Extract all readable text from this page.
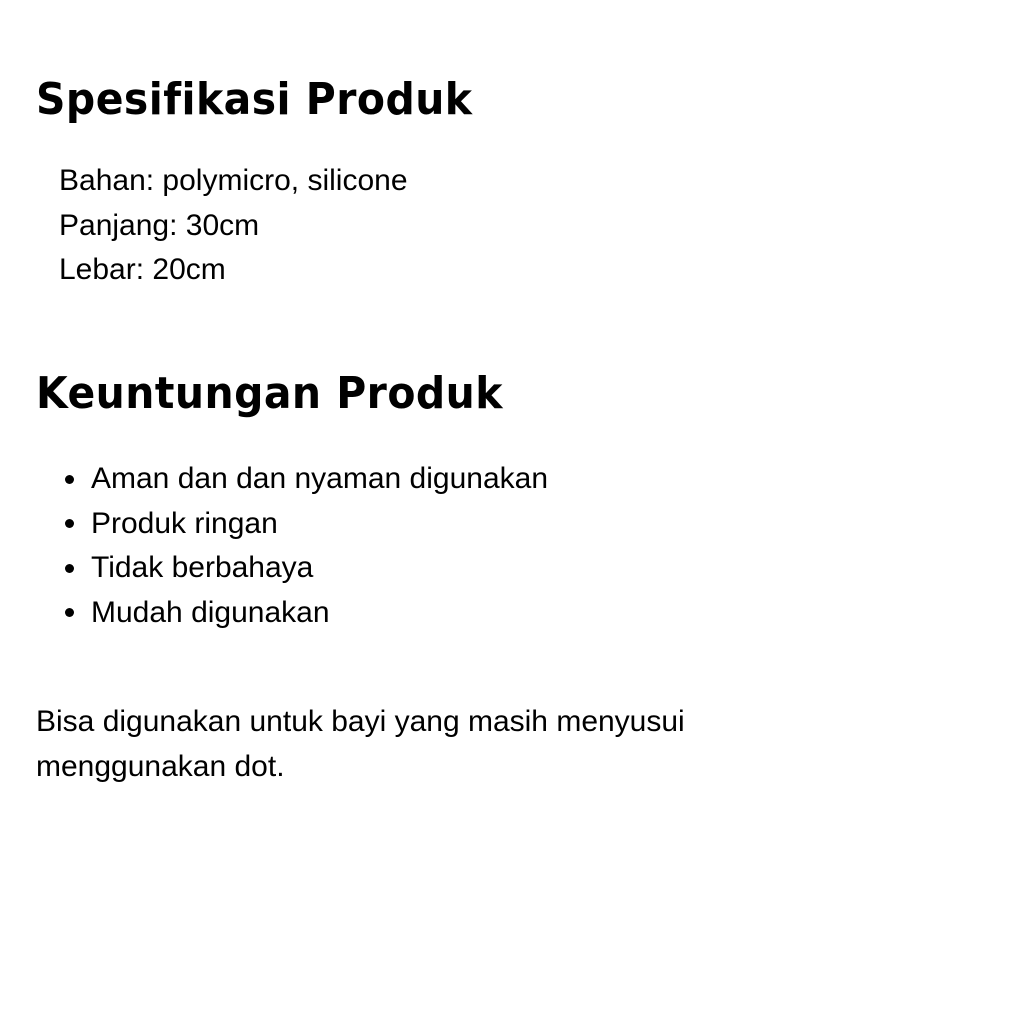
Spesifikasi Produk
Bahan: polymicro, silicone
Panjang: 30cm
Lebar: 20cm
Keuntungan Produk
Aman dan dan nyaman digunakan
Produk ringan
Tidak berbahaya
Mudah digunakan

Bisa digunakan untuk bayi yang masih menyusui
menggunakan dot.
